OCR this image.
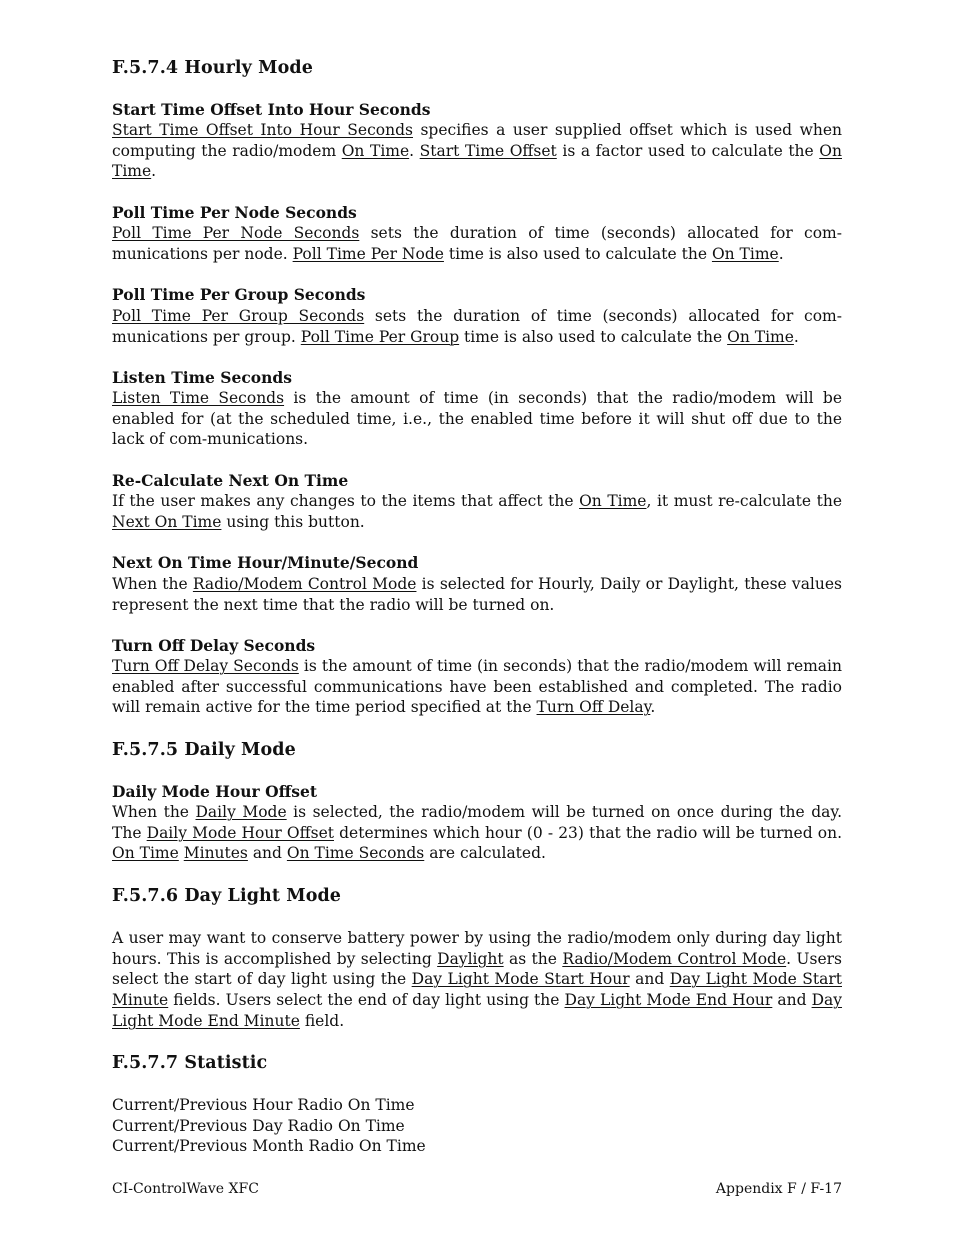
F.5.7.4 Hourly Mode
Start Time Offset Into Hour Seconds
Start Time Offset Into Hour Seconds specifies a user supplied offset which is used when computing the radio/modem On Time. Start Time Offset is a factor used to calculate the On Time.
Poll Time Per Node Seconds
Poll Time Per Node Seconds sets the duration of time (seconds) allocated for com-munications per node. Poll Time Per Node time is also used to calculate the On Time.
Poll Time Per Group Seconds
Poll Time Per Group Seconds sets the duration of time (seconds) allocated for com-munications per group. Poll Time Per Group time is also used to calculate the On Time.
Listen Time Seconds
Listen Time Seconds is the amount of time (in seconds) that the radio/modem will be enabled for (at the scheduled time, i.e., the enabled time before it will shut off due to the lack of com-munications.
Re-Calculate Next On Time
If the user makes any changes to the items that affect the On Time, it must re-calculate the Next On Time using this button.
Next On Time Hour/Minute/Second
When the Radio/Modem Control Mode is selected for Hourly, Daily or Daylight, these values represent the next time that the radio will be turned on.
Turn Off Delay Seconds
Turn Off Delay Seconds is the amount of time (in seconds) that the radio/modem will remain enabled after successful communications have been established and completed. The radio will remain active for the time period specified at the Turn Off Delay.
F.5.7.5 Daily Mode
Daily Mode Hour Offset
When the Daily Mode is selected, the radio/modem will be turned on once during the day. The Daily Mode Hour Offset determines which hour (0 - 23) that the radio will be turned on. On Time Minutes and On Time Seconds are calculated.
F.5.7.6 Day Light Mode
A user may want to conserve battery power by using the radio/modem only during day light hours. This is accomplished by selecting Daylight as the Radio/Modem Control Mode. Users select the start of day light using the Day Light Mode Start Hour and Day Light Mode Start Minute fields. Users select the end of day light using the Day Light Mode End Hour and Day Light Mode End Minute field.
F.5.7.7 Statistic
Current/Previous Hour Radio On Time
Current/Previous Day Radio On Time
Current/Previous Month Radio On Time
CI-ControlWave XFC	Appendix F / F-17
